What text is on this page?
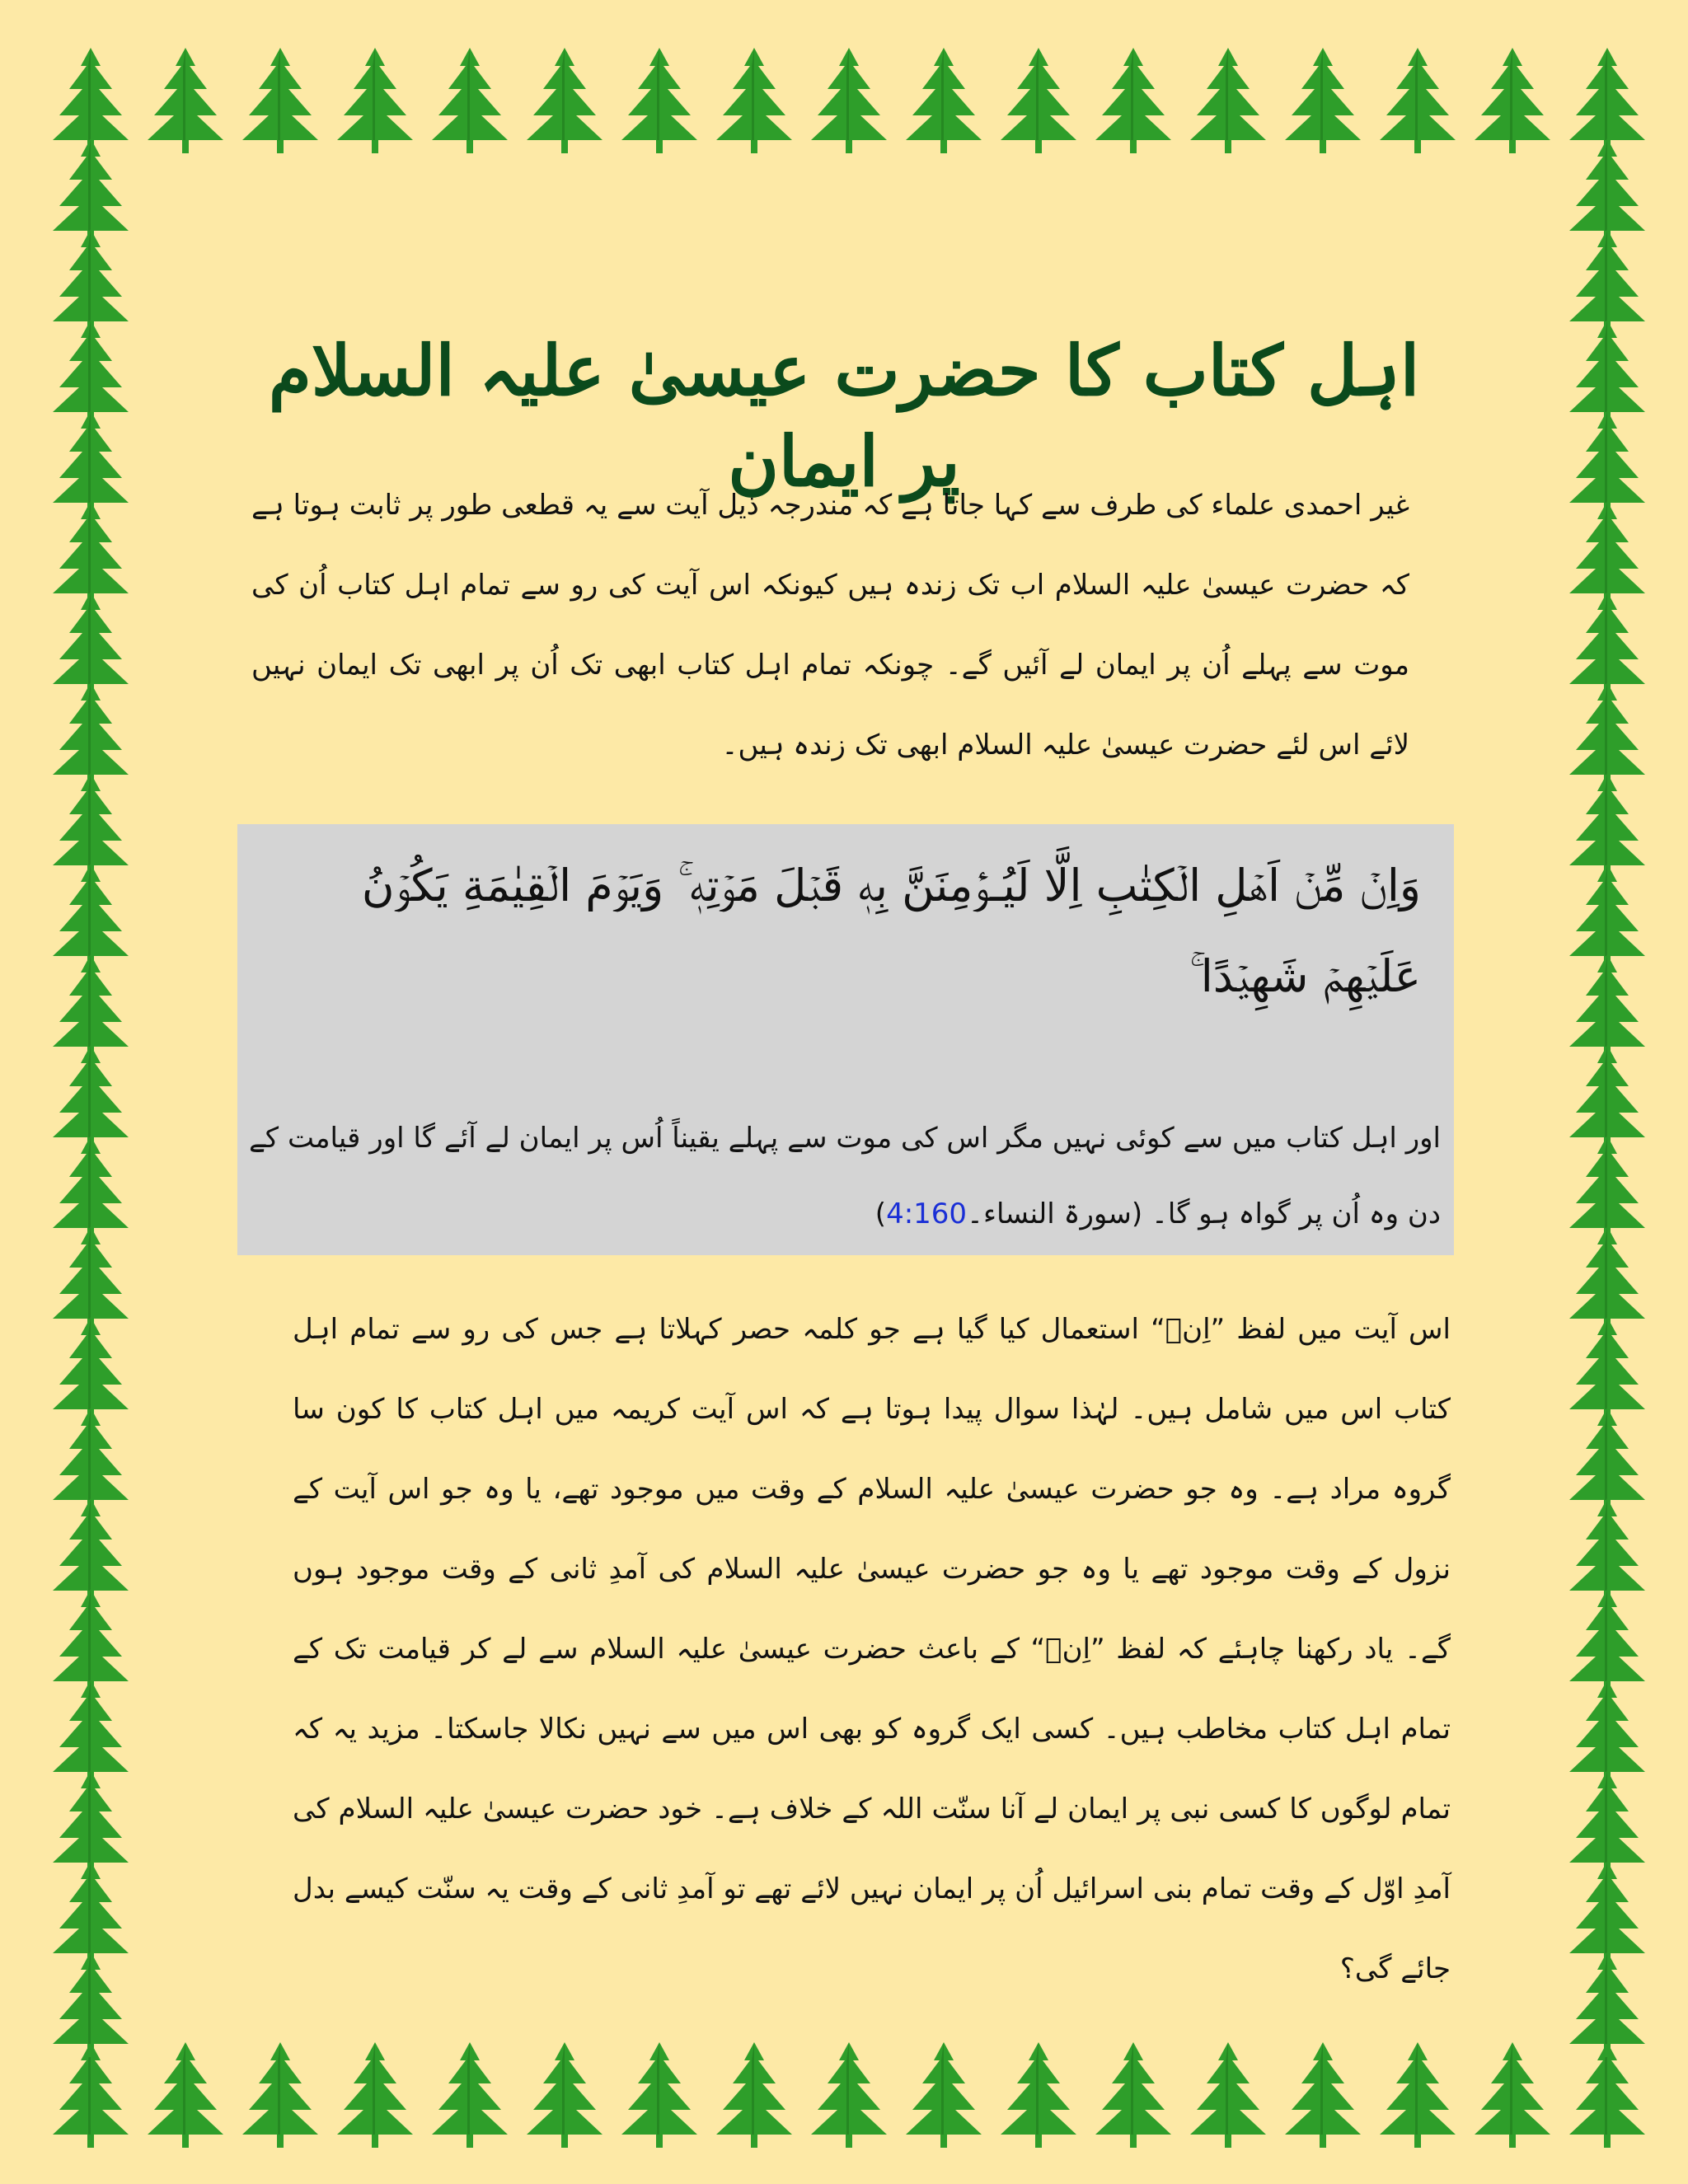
اہل کتاب کا حضرت عیسیٰ علیہ السلام پر ایمان
غیر احمدی علماء کی طرف سے کہا جاتا ہے کہ مندرجہ ذیل آیت سے یہ قطعی طور پر ثابت ہوتا ہے کہ حضرت عیسیٰ علیہ السلام اب تک زندہ ہیں کیونکہ اس آیت کی رو سے تمام اہل کتاب اُن کی موت سے پہلے اُن پر ایمان لے آئیں گے۔ چونکہ تمام اہل کتاب ابھی تک اُن پر ابھی تک ایمان نہیں لائے اس لئے حضرت عیسیٰ علیہ السلام ابھی تک زندہ ہیں۔
وَاِنۡ مِّنۡ اَهۡلِ الۡكِتٰبِ اِلَّا لَيُـؤۡمِنَنَّ بِهٖ قَبۡلَ مَوۡتِهٖ‌ ۚ وَيَوۡمَ الۡقِيٰمَةِ يَكُوۡنُ عَلَيۡهِمۡ شَهِيۡدًا ۚ
اور اہل کتاب میں سے کوئی نہیں مگر اس کی موت سے پہلے یقیناً اُس پر ایمان لے آئے گا اور قیامت کے دن وہ اُن پر گواہ ہو گا۔ (سورۃ النساء۔4:160)
اس آیت میں لفظ ”اِنۡ“ استعمال کیا گیا ہے جو کلمہ حصر کہلاتا ہے جس کی رو سے تمام اہل کتاب اس میں شامل ہیں۔ لہٰذا سوال پیدا ہوتا ہے کہ اس آیت کریمہ میں اہل کتاب کا کون سا گروہ مراد ہے۔ وہ جو حضرت عیسیٰ علیہ السلام کے وقت میں موجود تھے، یا وہ جو اس آیت کے نزول کے وقت موجود تھے یا وہ جو حضرت عیسیٰ علیہ السلام کی آمدِ ثانی کے وقت موجود ہوں گے۔ یاد رکھنا چاہئے کہ لفظ ”اِنۡ“ کے باعث حضرت عیسیٰ علیہ السلام سے لے کر قیامت تک کے تمام اہل کتاب مخاطب ہیں۔ کسی ایک گروہ کو بھی اس میں سے نہیں نکالا جاسکتا۔ مزید یہ کہ تمام لوگوں کا کسی نبی پر ایمان لے آنا سنّت اللہ کے خلاف ہے۔ خود حضرت عیسیٰ علیہ السلام کی آمدِ اوّل کے وقت تمام بنی اسرائیل اُن پر ایمان نہیں لائے تھے تو آمدِ ثانی کے وقت یہ سنّت کیسے بدل جائے گی؟
